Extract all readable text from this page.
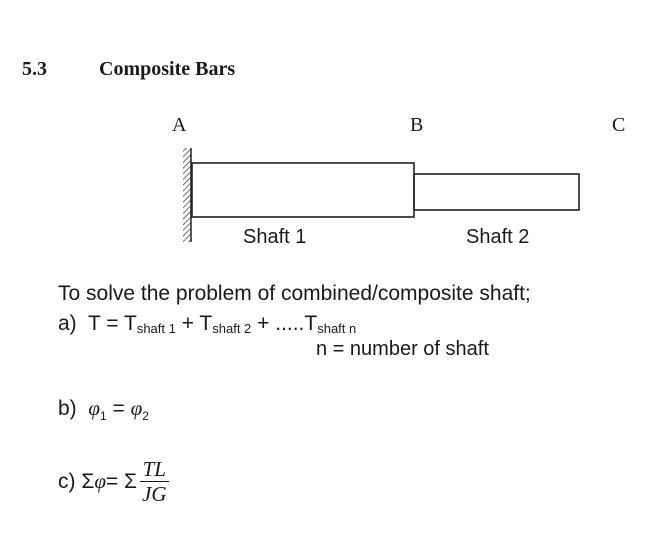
5.3	Composite Bars
A	B	C
Shaft 1	Shaft 2
To solve the problem of combined/composite shaft;
a) $T = T_{shaft 1} + T_{shaft 2} + .....T_{shaft n}$
n = number of shaft
b) $\varphi_1 = \varphi_2$
c)
Σ φ = Σ $\frac{TL}{JG}$
